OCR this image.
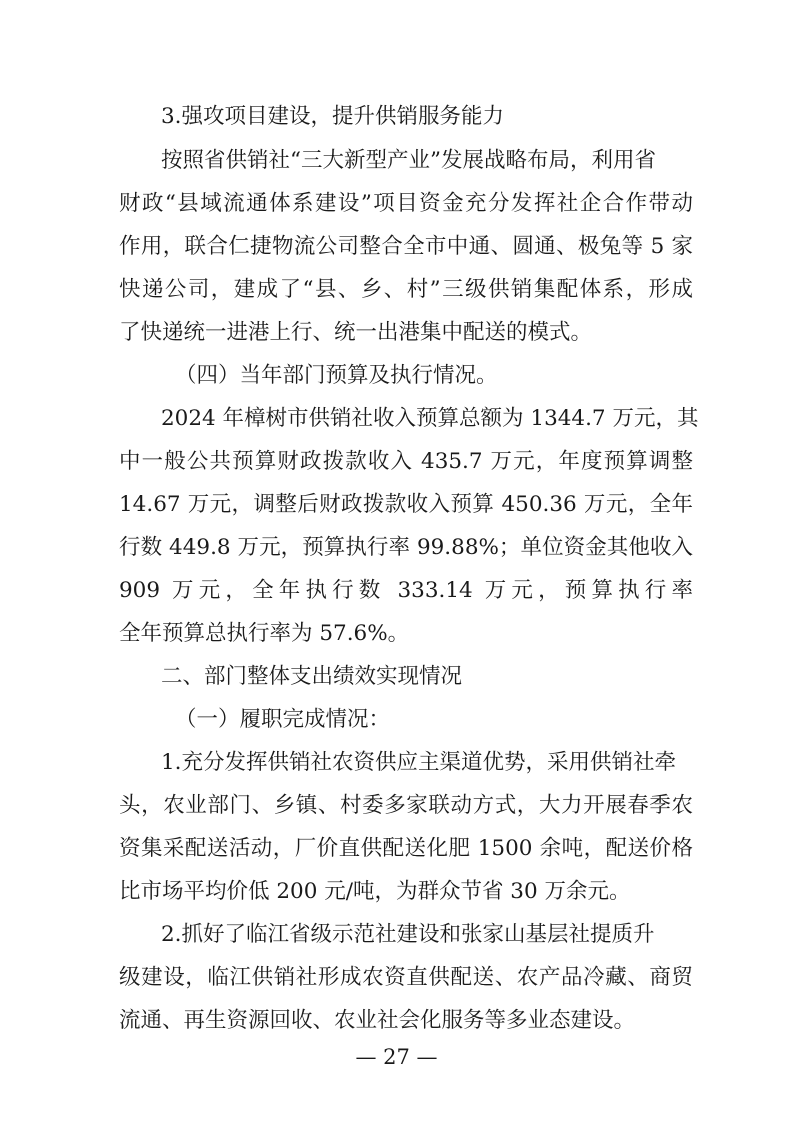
3.强攻项目建设，提升供销服务能力
按照省供销社“三大新型产业”发展战略布局，利用省
财政“县域流通体系建设”项目资金充分发挥社企合作带动
作用，联合仁捷物流公司整合全市中通、圆通、极兔等 5 家
快递公司，建成了“县、乡、村”三级供销集配体系，形成
了快递统一进港上行、统一出港集中配送的模式。
（四）当年部门预算及执行情况。
2024 年樟树市供销社收入预算总额为 1344.7 万元，其
中一般公共预算财政拨款收入 435.7 万元，年度预算调整
14.67 万元，调整后财政拨款收入预算 450.36 万元，全年
行数 449.8 万元，预算执行率 99.88%；单位资金其他收入
909 万元，全年执行数 333.14 万元，预算执行率
全年预算总执行率为 57.6%。
二、部门整体支出绩效实现情况
（一）履职完成情况：
1.充分发挥供销社农资供应主渠道优势，采用供销社牵
头，农业部门、乡镇、村委多家联动方式，大力开展春季农
资集采配送活动，厂价直供配送化肥 1500 余吨，配送价格
比市场平均价低 200 元/吨，为群众节省 30 万余元。
2.抓好了临江省级示范社建设和张家山基层社提质升
级建设，临江供销社形成农资直供配送、农产品冷藏、商贸
流通、再生资源回收、农业社会化服务等多业态建设。
— 27 —
